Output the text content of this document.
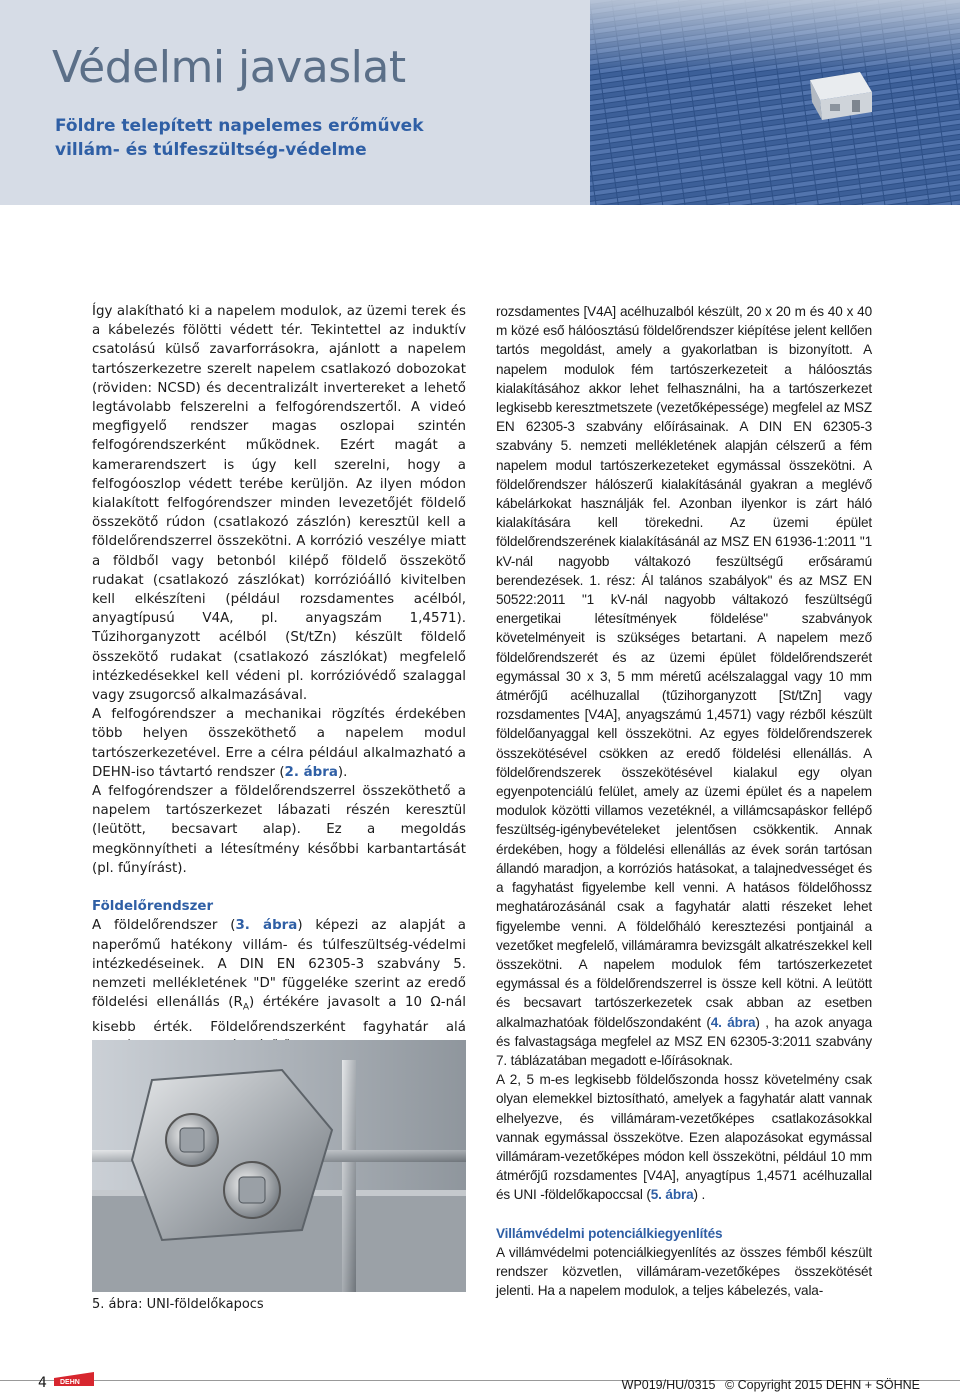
Védelmi javaslat
Földre telepített napelemes erőművek
villám- és túlfeszültség-védelme

Így alakítható ki a napelem modulok, az üzemi terek és a kábelezés fölötti védett tér. Tekintettel az induktív csatolású külső zavarforrásokra, ajánlott a napelem tartószerkezetre szerelt napelem csatlakozó dobozokat (röviden: NCSD) és decentralizált invertereket a lehető legtávolabb felszerelni a felfogórendszertől. A videó megfigyelő rendszer magas oszlopai szintén felfogórendszerként működnek. Ezért magát a kamerarendszert is úgy kell szerelni, hogy a felfogóoszlop védett terébe kerüljön. Az ilyen módon kialakított felfogórendszer minden levezetőjét földelő összekötő rúdon (csatlakozó zászlón) keresztül kell a földelőrendszerrel összekötni. A korrózió veszélye miatt a földből vagy betonból kilépő földelő összekötő rudakat (csatlakozó zászlókat) korrózióálló kivitelben kell elkészíteni (például rozsdamentes acélból, anyagtípusú V4A, pl. anyagszám 1,4571). Tűzihorganyzott acélból (St/tZn) készült földelő összekötő rudakat (csatlakozó zászlókat) megfelelő intézkedésekkel kell védeni pl. korrózióvédő szalaggal vagy zsugorcső alkalmazásával.

A felfogórendszer a mechanikai rögzítés érdekében több helyen összeköthető a napelem modul tartószerkezetével. Erre a célra például alkalmazható a DEHN-iso távtartó rendszer (2. ábra).

A felfogórendszer a földelőrendszerrel összeköthető a napelem tartószerkezet lábazati részén keresztül (leütött, becsavart alap). Ez a megoldás megkönnyítheti a létesítmény későbbi karbantartását (pl. fűnyírást).

Földelőrendszer

A földelőrendszer (3. ábra) képezi az alapját a naperőmű hatékony villám- és túlfeszültség-védelmi intézkedéseinek. A DIN EN 62305-3 szabvány 5. nemzeti mellékletének "D" függeléke szerint az eredő földelési ellenállás $(R_A)$ értékére javasolt a 10 Ω-nál kisebb érték. Földelőrendszerként fagyhatár alá

5. ábra: UNI-földelőkapocs

rozsdamentes [V4A] acélhuzalból készült, 20 x 20 m és 40 x 40 m közé eső hálóosztású földelőrendszer kiépítése jelent kellően tartós megoldást, amely a gyakorlatban is bizonyított. A napelem modulok fém tartószerkezeteit a hálóosztás kialakításához akkor lehet felhasználni, ha a tartószerkezet legkisebb keresztmetszete (vezetőképessége) megfelel az MSZ EN 62305-3 szabvány előírásainak. A DIN EN 62305-3 szabvány 5. nemzeti mellékletének alapján célszerű a fém napelem modul tartószerkezeteket egymással összekötni. A földelőrendszer hálószerű kialakításánál gyakran a meglévő kábelárkokat használják fel. Azonban ilyenkor is zárt háló kialakítására kell törekedni. Az üzemi épület földelőrendszerének kialakításánál az MSZ EN 61936-1:2011 "1 kV-nál nagyobb váltakozó feszültségű erősáramú berendezések. 1. rész: Ál talános szabályok" és az MSZ EN 50522:2011 "1 kV-nál nagyobb váltakozó feszültségű energetikai létesítmények földelése" szabványok követelményeit is szükséges betartani. A napelem mező földelőrendszerét és az üzemi épület földelőrendszerét egymással 30 x 3, 5 mm méretű acélszalaggal vagy 10 mm átmérőjű acélhuzallal (tűzihorganyzott [St/tZn] vagy rozsdamentes [V4A], anyagszámú 1,4571) vagy rézből készült földelőanyaggal kell összekötni. Az egyes földelőrendszerek összekötésével csökken az eredő földelési ellenállás. A földelőrendszerek összekötésével kialakul egy olyan egyenpotenciálú felület, amely az üzemi épület és a napelem modulok közötti villamos vezetéknél, a villámcsapáskor fellépő feszültség-igénybevételeket jelentősen csökkentik. Annak érdekében, hogy a földelési ellenállás az évek során tartósan állandó maradjon, a korróziós hatásokat, a talajnedvességet és a fagyhatást figyelembe kell venni. A hatásos földelőhossz meghatározásánál csak a fagyhatár alatti részeket lehet figyelembe venni. A földelőháló keresztezési pontjainál a vezetőket megfelelő, villámáramra bevizsgált alkatrészekkel kell összekötni. A napelem modulok fém tartószerkezetet egymással és a földelőrendszerrel is össze kell kötni. A leütött és becsavart tartószerkezetek csak abban az esetben alkalmazhatóak földelőszondaként (4. ábra) , ha azok anyaga és falvastagsága megfelel az MSZ EN 62305-3:2011 szabvány 7. táblázatában megadott e-lőírásoknak.

A 2, 5 m-es legkisebb földelőszonda hossz követelmény csak olyan elemekkel biztosítható, amelyek a fagyhatár alatt vannak elhelyezve, és villámáram-vezetőképes csatlakozásokkal vannak egymással összekötve. Ezen alapozásokat egymással villámáram-vezetőképes módon kell összekötni, például 10 mm átmérőjű rozsdamentes [V4A], anyagtípus 1,4571 acélhuzallal és UNI -földelőkapoccsal (5. ábra) .

Villámvédelmi potenciálkiegyenlítés

A villámvédelmi potenciálkiegyenlítés az összes fémből készült rendszer közvetlen, villámáram-vezetőképes összekötését jelenti. Ha a napelem modulok, a teljes kábelezés, vala-

4 DEHN	WP019/HU/0315 © Copyright 2015 DEHN + SÖHNE
